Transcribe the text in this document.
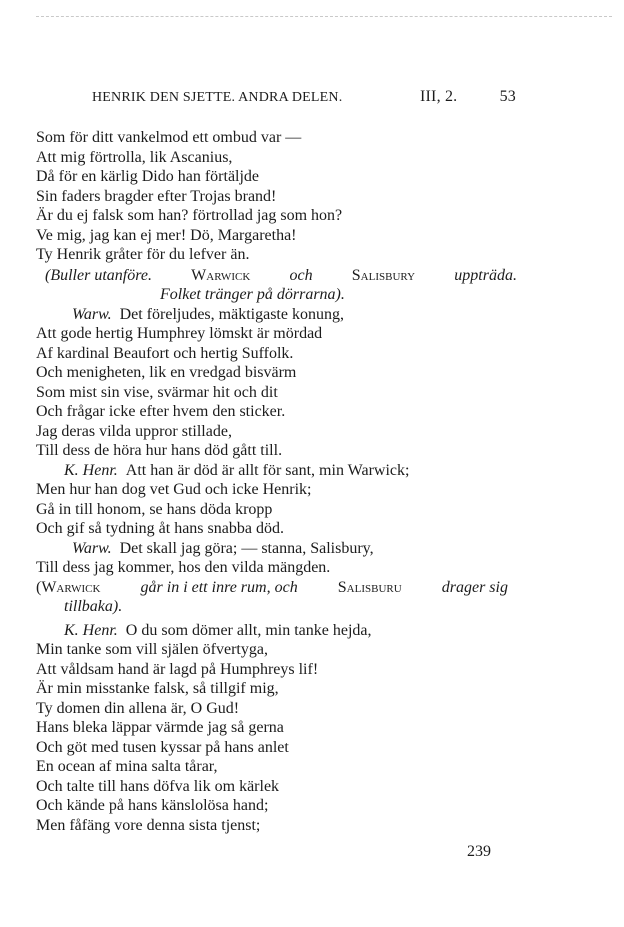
HENRIK DEN SJETTE. ANDRA DELEN.	III, 2.	53
Som för ditt vankelmod ett ombud var —
Att mig förtrolla, lik Ascanius,
Då för en kärlig Dido han förtäljde
Sin faders bragder efter Trojas brand!
Är du ej falsk som han? förtrollad jag som hon?
Ve mig, jag kan ej mer! Dö, Margaretha!
Ty Henrik gråter för du lefver än.
(Buller utanföre. Warwick och Salisbury uppträda.
Folket tränger på dörrarna).
Warw. Det föreljudes, mäktigaste konung,
Att gode hertig Humphrey lömskt är mördad
Af kardinal Beaufort och hertig Suffolk.
Och menigheten, lik en vredgad bisvärm
Som mist sin vise, svärmar hit och dit
Och frågar icke efter hvem den sticker.
Jag deras vilda uppror stillade,
Till dess de höra hur hans död gått till.
K. Henr. Att han är död är allt för sant, min Warwick;
Men hur han dog vet Gud och icke Henrik;
Gå in till honom, se hans döda kropp
Och gif så tydning åt hans snabba död.
Warw. Det skall jag göra; — stanna, Salisbury,
Till dess jag kommer, hos den vilda mängden.
(Warwick	går in i ett inre rum, och	Salisburu	drager sig
tillbaka).
K. Henr. O du som dömer allt, min tanke hejda,
Min tanke som vill själen öfvertyga,
Att våldsam hand är lagd på Humphreys lif!
Är min misstanke falsk, så tillgif mig,
Ty domen din allena är, O Gud!
Hans bleka läppar värmde jag så gerna
Och göt med tusen kyssar på hans anlet
En ocean af mina salta tårar,
Och talte till hans döfva lik om kärlek
Och kände på hans känslolösa hand;
Men fåfäng vore denna sista tjenst;
239
